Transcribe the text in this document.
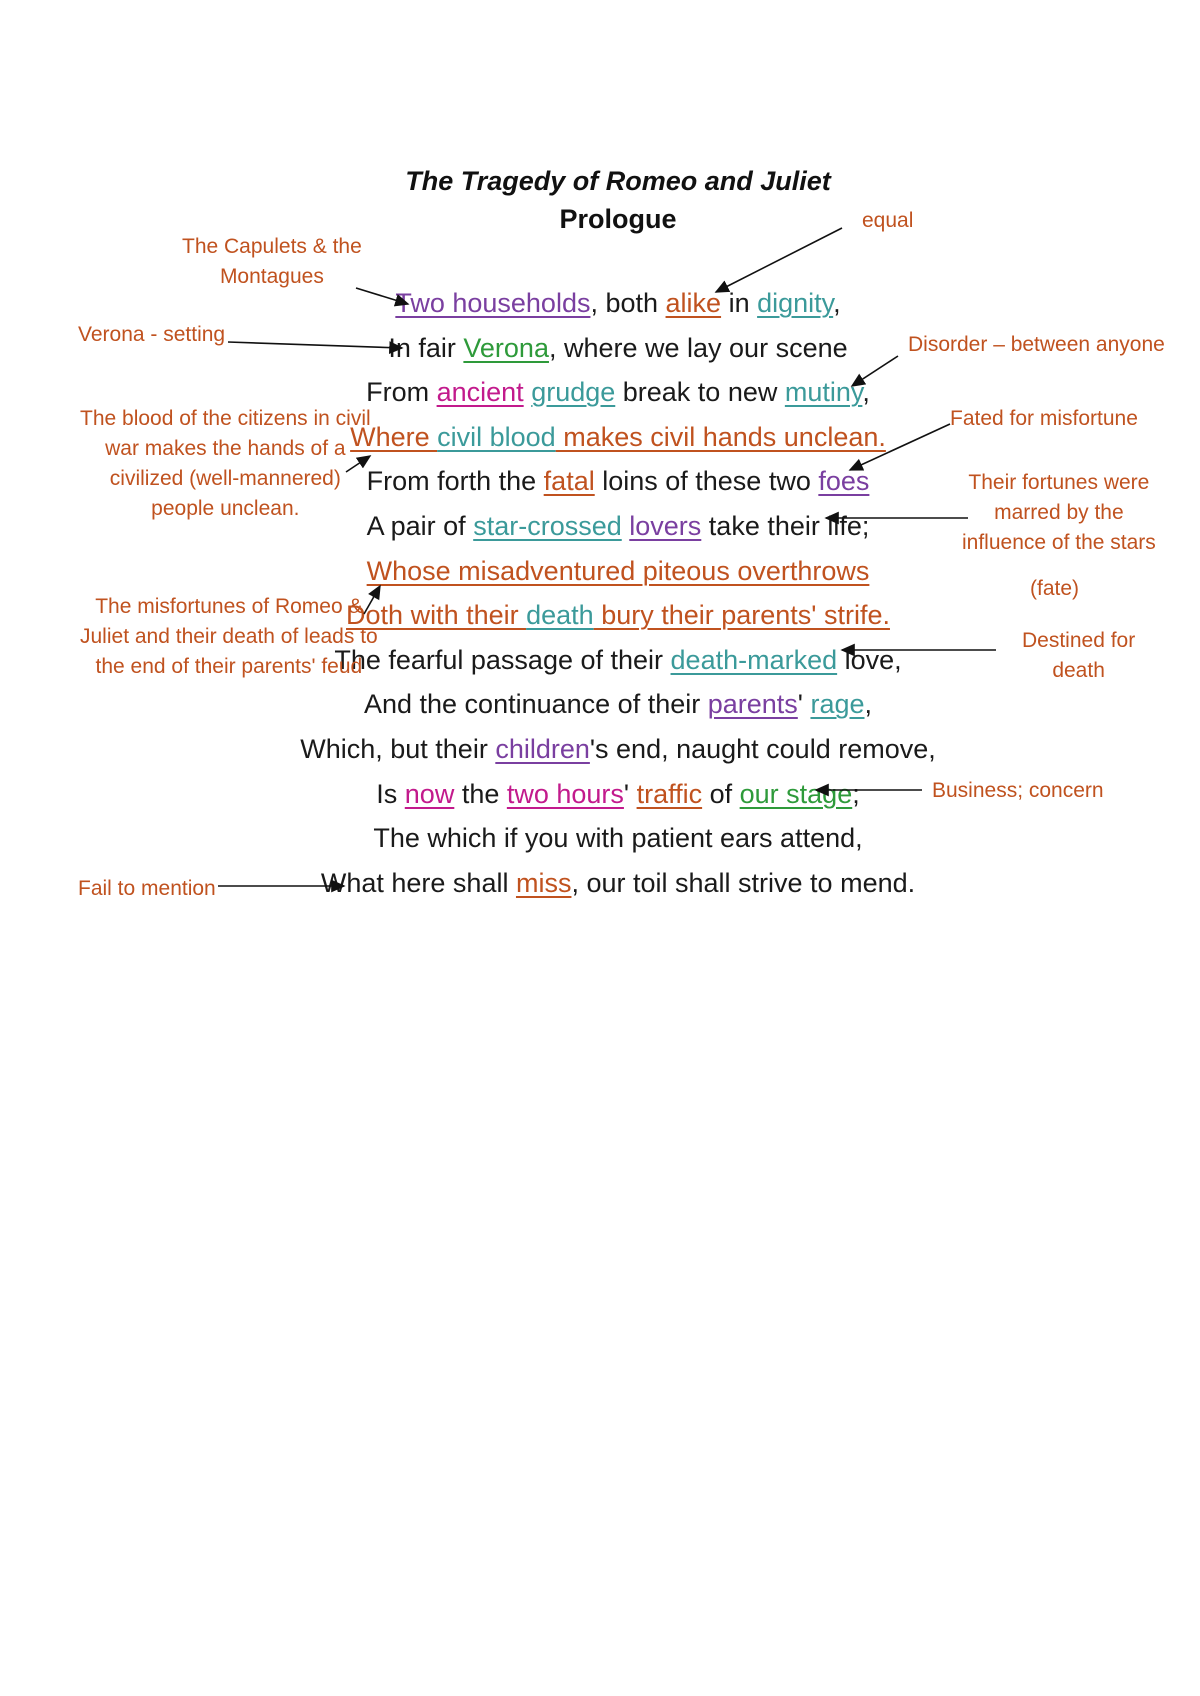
The Tragedy of Romeo and Juliet
Prologue
Two households, both alike in dignity,
In fair Verona, where we lay our scene
From ancient grudge break to new mutiny,
Where civil blood makes civil hands unclean.
From forth the fatal loins of these two foes
A pair of star-crossed lovers take their life;
Whose misadventured piteous overthrows
Doth with their death bury their parents' strife.
The fearful passage of their death-marked love,
And the continuance of their parents' rage,
Which, but their children's end, naught could remove,
Is now the two hours' traffic of our stage;
The which if you with patient ears attend,
What here shall miss, our toil shall strive to mend.
The Capulets & the
Montagues
Verona - setting
The blood of the citizens in civil
war makes the hands of a
civilized (well-mannered)
people unclean.
The misfortunes of Romeo &
Juliet and their death of leads to
the end of their parents' feud
Fail to mention
equal
Disorder – between anyone
Fated for misfortune
Their fortunes were
marred by the
influence of the stars
(fate)
Destined for
death
Business; concern
